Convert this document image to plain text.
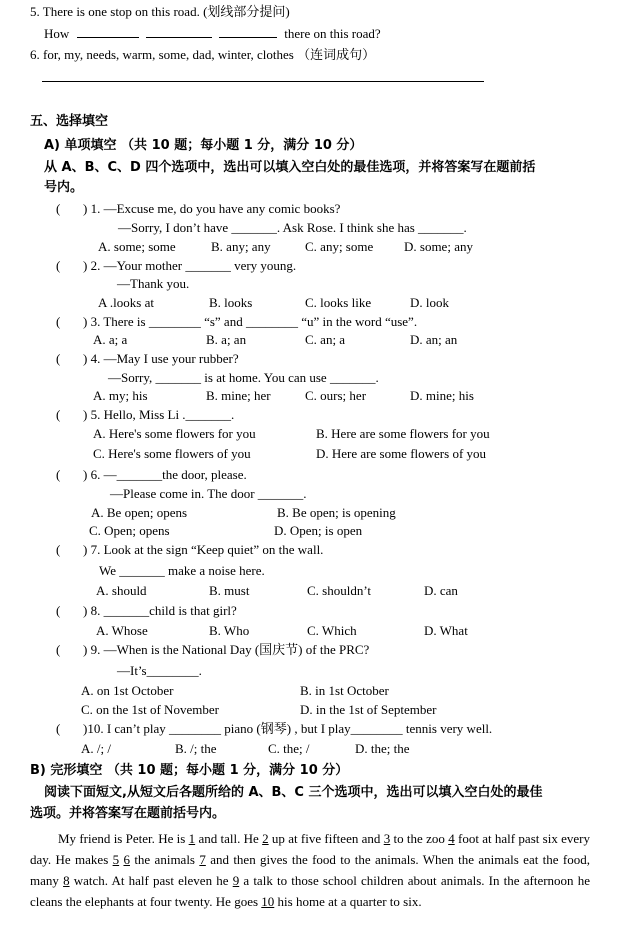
5. There is one stop on this road. (划线部分提问)
How	there on this road?
6. for, my, needs, warm, some, dad, winter, clothes （连词成句）
五、选择填空
A) 单项填空 （共 10 题；每小题 1 分，满分 10 分）
从 A、B、C、D 四个选项中，选出可以填入空白处的最佳选项，并将答案写在题前括
号内。
( ) 1. —Excuse me, do you have any comic books?
—Sorry, I don’t have _______. Ask Rose. I think she has _______.
A. some; some	B. any; any	C. any; some D. some; any
( ) 2. —Your mother _______ very young.
—Thank you.
A .looks at	B. looks	C. looks like	D. look
( ) 3. There is ________ “s” and ________ “u” in the word “use”.
A. a; a	B. a; an	C. an; a	D. an; an
( ) 4. —May I use your rubber?
—Sorry, _______ is at home. You can use _______.
A. my; his	B. mine; her	C. ours; her	D. mine; his
( ) 5. Hello, Miss Li ._______.
A. Here's some flowers for you	B. Here are some flowers for you
C. Here's some flowers of you	D. Here are some flowers of you
( ) 6. —_______the door, please.
—Please come in. The door _______.
A. Be open; opens	B. Be open; is opening
C. Open; opens	D. Open; is open
( ) 7. Look at the sign “Keep quiet” on the wall.
We _______ make a noise here.
A. should	B. must	C. shouldn’t	D. can
( ) 8. _______child is that girl?
A. Whose	B. Who	C. Which	D. What
( ) 9. —When is the National Day (国庆节) of the PRC?
—It’s________.
A. on 1st October	B. in 1st October
C. on the 1st of November	D. in the 1st of September
( )10. I can’t play ________ piano (钢琴) , but I play________ tennis very well.
A. /; /	B. /; the	C. the; /	D. the; the
B) 完形填空 （共 10 题；每小题 1 分，满分 10 分）
阅读下面短文,从短文后各题所给的 A、B、C 三个选项中，选出可以填入空白处的最佳
选项。并将答案写在题前括号内。
My friend is Peter. He is 1 and tall. He 2 up at five fifteen and 3 to the zoo 4 foot at half past six every day. He makes 5 6 the animals 7 and then gives the food to the animals. When the animals eat the food, many 8 watch. At half past eleven he 9 a talk to those school children about animals. In the afternoon he cleans the elephants at four twenty. He goes 10 his home at a quarter to six.
